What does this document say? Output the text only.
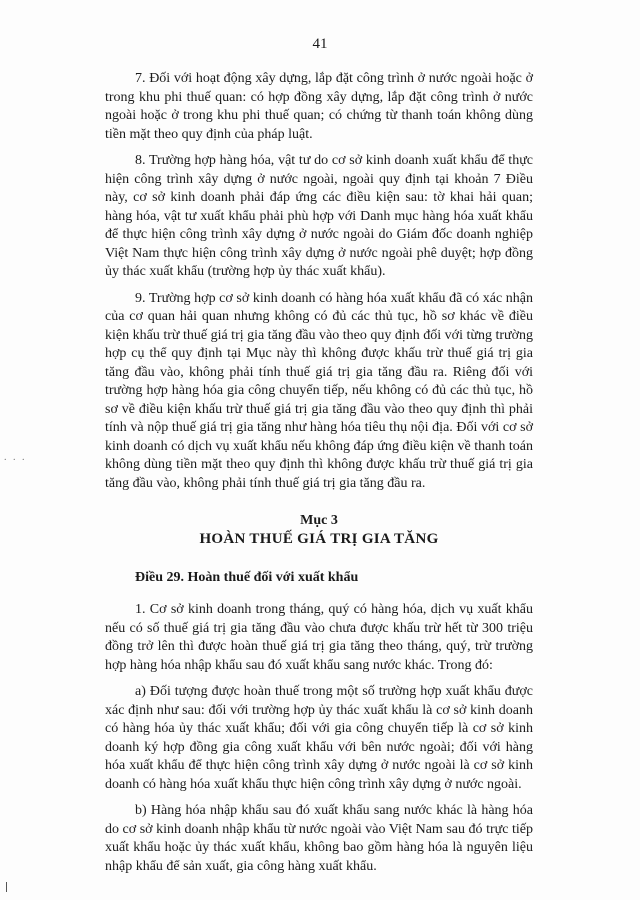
41

7. Đối với hoạt động xây dựng, lắp đặt công trình ở nước ngoài hoặc ở trong khu phi thuế quan: có hợp đồng xây dựng, lắp đặt công trình ở nước ngoài hoặc ở trong khu phi thuế quan; có chứng từ thanh toán không dùng tiền mặt theo quy định của pháp luật.

8. Trường hợp hàng hóa, vật tư do cơ sở kinh doanh xuất khẩu để thực hiện công trình xây dựng ở nước ngoài, ngoài quy định tại khoản 7 Điều này, cơ sở kinh doanh phải đáp ứng các điều kiện sau: tờ khai hải quan; hàng hóa, vật tư xuất khẩu phải phù hợp với Danh mục hàng hóa xuất khẩu để thực hiện công trình xây dựng ở nước ngoài do Giám đốc doanh nghiệp Việt Nam thực hiện công trình xây dựng ở nước ngoài phê duyệt; hợp đồng ủy thác xuất khẩu (trường hợp ủy thác xuất khẩu).

9. Trường hợp cơ sở kinh doanh có hàng hóa xuất khẩu đã có xác nhận của cơ quan hải quan nhưng không có đủ các thủ tục, hồ sơ khác về điều kiện khấu trừ thuế giá trị gia tăng đầu vào theo quy định đối với từng trường hợp cụ thể quy định tại Mục này thì không được khấu trừ thuế giá trị gia tăng đầu vào, không phải tính thuế giá trị gia tăng đầu ra. Riêng đối với trường hợp hàng hóa gia công chuyển tiếp, nếu không có đủ các thủ tục, hồ sơ về điều kiện khấu trừ thuế giá trị gia tăng đầu vào theo quy định thì phải tính và nộp thuế giá trị gia tăng như hàng hóa tiêu thụ nội địa. Đối với cơ sở kinh doanh có dịch vụ xuất khẩu nếu không đáp ứng điều kiện về thanh toán không dùng tiền mặt theo quy định thì không được khấu trừ thuế giá trị gia tăng đầu vào, không phải tính thuế giá trị gia tăng đầu ra.

Mục 3
HOÀN THUẾ GIÁ TRỊ GIA TĂNG
Điều 29. Hoàn thuế đối với xuất khẩu

1. Cơ sở kinh doanh trong tháng, quý có hàng hóa, dịch vụ xuất khẩu nếu có số thuế giá trị gia tăng đầu vào chưa được khấu trừ hết từ 300 triệu đồng trở lên thì được hoàn thuế giá trị gia tăng theo tháng, quý, trừ trường hợp hàng hóa nhập khẩu sau đó xuất khẩu sang nước khác. Trong đó:

a) Đối tượng được hoàn thuế trong một số trường hợp xuất khẩu được xác định như sau: đối với trường hợp ủy thác xuất khẩu là cơ sở kinh doanh có hàng hóa ủy thác xuất khẩu; đối với gia công chuyển tiếp là cơ sở kinh doanh ký hợp đồng gia công xuất khẩu với bên nước ngoài; đối với hàng hóa xuất khẩu để thực hiện công trình xây dựng ở nước ngoài là cơ sở kinh doanh có hàng hóa xuất khẩu thực hiện công trình xây dựng ở nước ngoài.

b) Hàng hóa nhập khẩu sau đó xuất khẩu sang nước khác là hàng hóa do cơ sở kinh doanh nhập khẩu từ nước ngoài vào Việt Nam sau đó trực tiếp xuất khẩu hoặc ủy thác xuất khẩu, không bao gồm hàng hóa là nguyên liệu nhập khẩu để sản xuất, gia công hàng xuất khẩu.

. . .
